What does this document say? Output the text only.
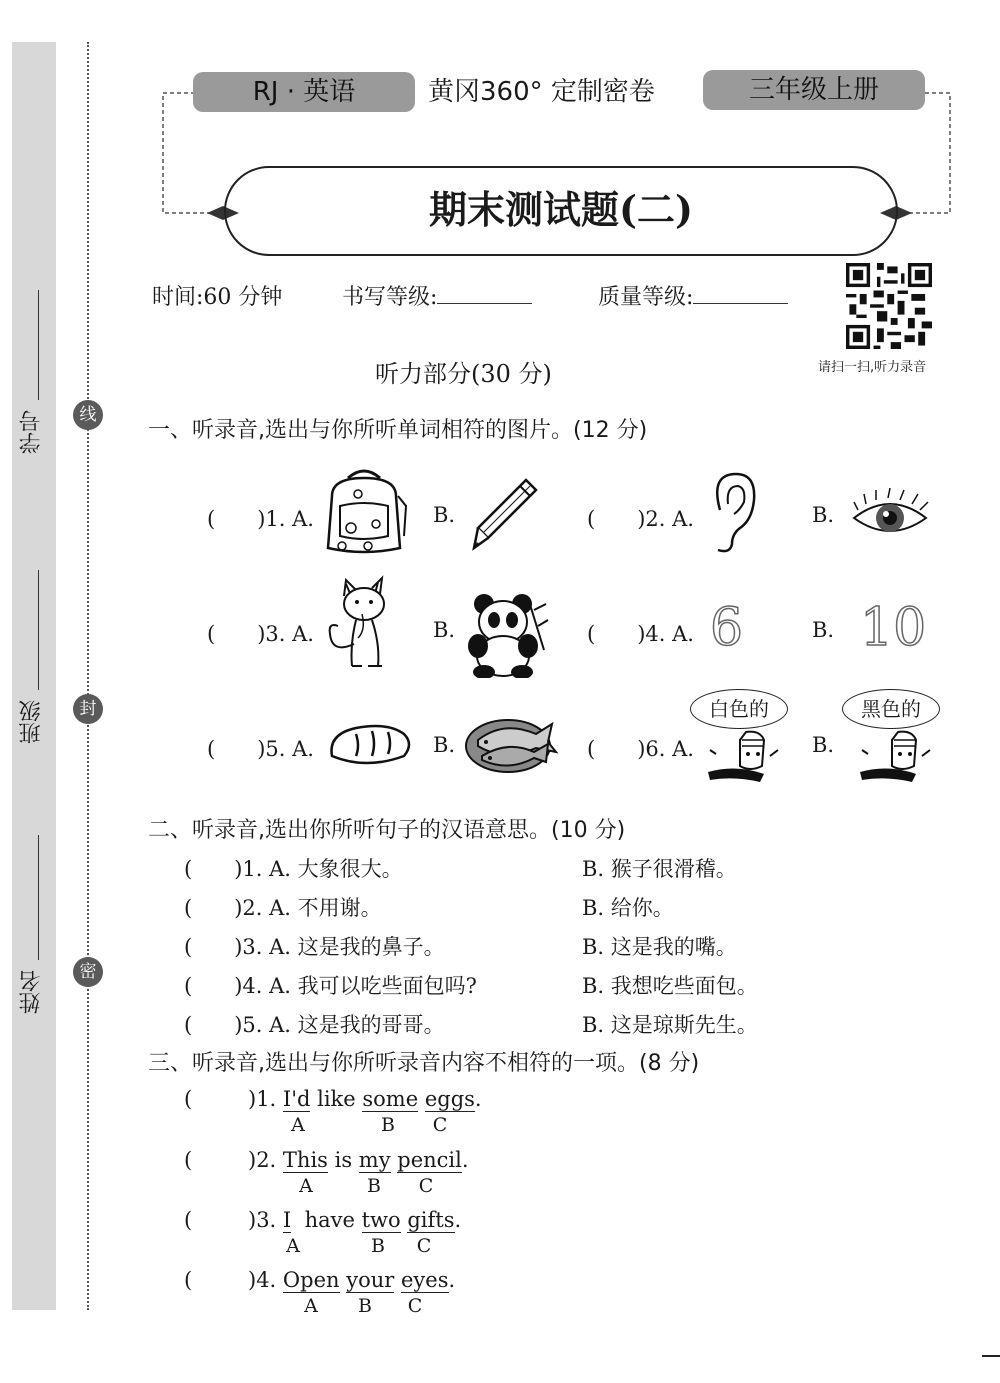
学号
班级
姓名
线
封
密
RJ · 英语	黄冈360° 定制密卷	三年级上册
期末测试题(二)
时间:60 分钟	书写等级:	质量等级:
请扫一扫,听力录音
听力部分(30 分)
一、听录音,选出与你所听单词相符的图片。(12 分)
(　　)1. A.	B.	(　　)2. A.	B.
(　　)3. A.	B.	(　　)4. A. 6	B. 10
(　　)5. A.	B.	(　　)6. A.
白色的
B.
黑色的
二、听录音,选出你所听句子的汉语意思。(10 分)
(　　)1. A. 大象很大。	B. 猴子很滑稽。
(　　)2. A. 不用谢。	B. 给你。
(　　)3. A. 这是我的鼻子。	B. 这是我的嘴。
(　　)4. A. 我可以吃些面包吗?	B. 我想吃些面包。
(　　)5. A. 这是我的哥哥。	B. 这是琼斯先生。
三、听录音,选出与你所听录音内容不相符的一项。(8 分)
(	)1. I'd like some eggs.
A	B	C
(	)2. This is my pencil.
A	B	C
(	)3. I  have two gifts.
A	B	C
(	)4. Open your eyes.
A	B	C
